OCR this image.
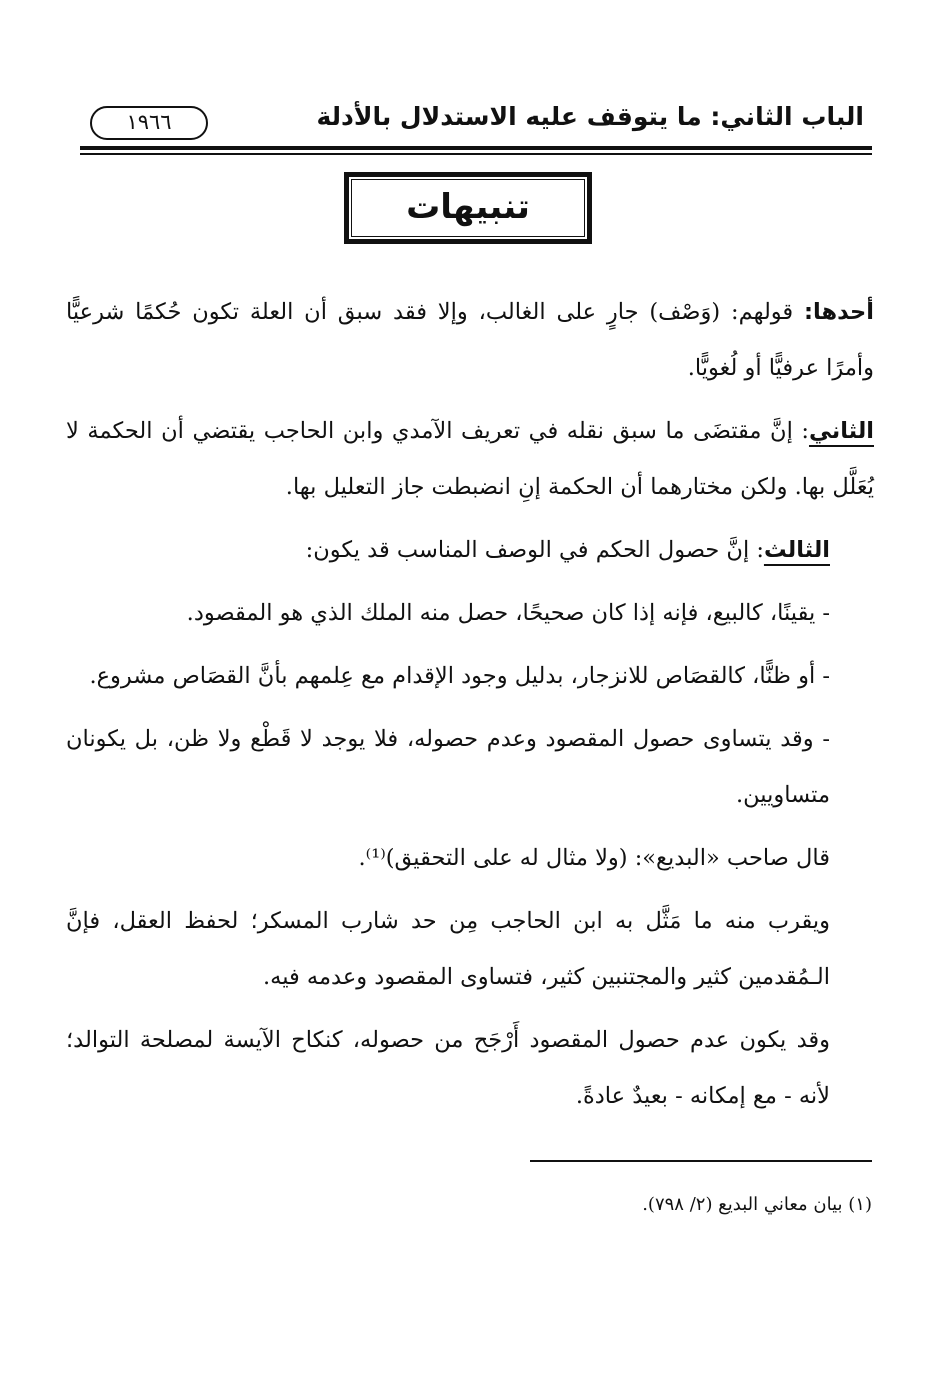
الباب الثاني: ما يتوقف عليه الاستدلال بالأدلة
١٩٦٦
تنبيهات

أحدها: قولهم: (وَصْف) جارٍ على الغالب، وإلا فقد سبق أن العلة تكون حُكمًا شرعيًّا وأمرًا عرفيًّا أو لُغويًّا.

الثاني: إنَّ مقتضَى ما سبق نقله في تعريف الآمدي وابن الحاجب يقتضي أن الحكمة لا يُعَلَّل بها. ولكن مختارهما أن الحكمة إنِ انضبطت جاز التعليل بها.

الثالث: إنَّ حصول الحكم في الوصف المناسب قد يكون:

- يقينًا، كالبيع، فإنه إذا كان صحيحًا، حصل منه الملك الذي هو المقصود.

- أو ظنًّا، كالقصَاص للانزجار، بدليل وجود الإقدام مع عِلمهم بأنَّ القصَاص مشروع.

- وقد يتساوى حصول المقصود وعدم حصوله، فلا يوجد لا قَطْع ولا ظن، بل يكونان متساويين.

قال صاحب «البديع»: (ولا مثال له على التحقيق)⁽¹⁾.

ويقرب منه ما مَثَّل به ابن الحاجب مِن حد شارب المسكر؛ لحفظ العقل، فإنَّ الـمُقدمين كثير والمجتنبين كثير، فتساوى المقصود وعدمه فيه.

وقد يكون عدم حصول المقصود أَرْجَح من حصوله، كنكاح الآيسة لمصلحة التوالد؛ لأنه - مع إمكانه - بعيدٌ عادةً.

(١) بيان معاني البديع (٢/ ٧٩٨).
